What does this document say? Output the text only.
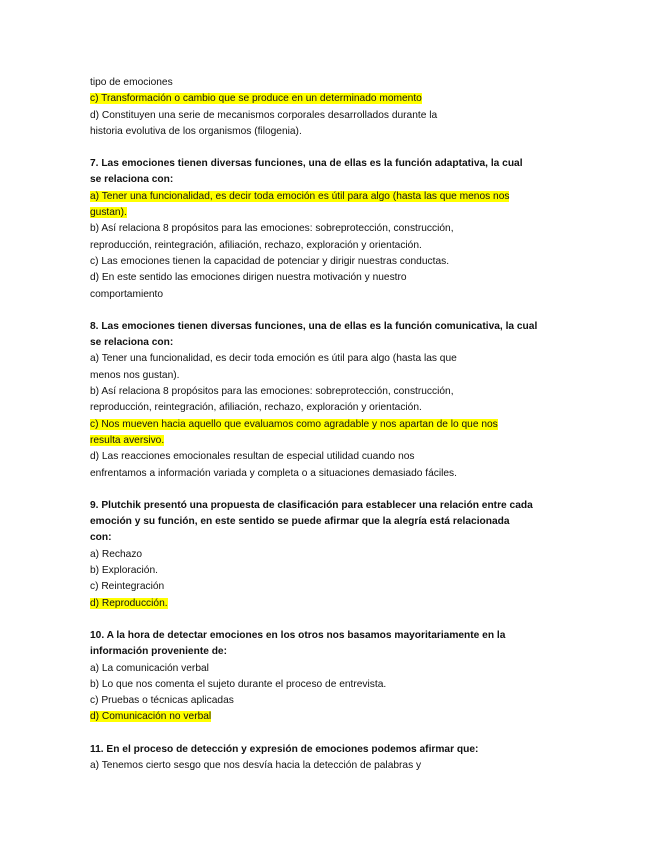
tipo de emociones
c) Transformación o cambio que se produce en un determinado momento
d) Constituyen una serie de mecanismos corporales desarrollados durante la
historia evolutiva de los organismos (filogenia).
7. Las emociones tienen diversas funciones, una de ellas es la función adaptativa, la cual
se relaciona con:
a) Tener una funcionalidad, es decir toda emoción es útil para algo (hasta las que menos nos
gustan).
b) Así relaciona 8 propósitos para las emociones: sobreprotección, construcción,
reproducción, reintegración, afiliación, rechazo, exploración y orientación.
c) Las emociones tienen la capacidad de potenciar y dirigir nuestras conductas.
d) En este sentido las emociones dirigen nuestra motivación y nuestro
comportamiento
8. Las emociones tienen diversas funciones, una de ellas es la función comunicativa, la cual
se relaciona con:
a) Tener una funcionalidad, es decir toda emoción es útil para algo (hasta las que
menos nos gustan).
b) Así relaciona 8 propósitos para las emociones: sobreprotección, construcción,
reproducción, reintegración, afiliación, rechazo, exploración y orientación.
c) Nos mueven hacia aquello que evaluamos como agradable y nos apartan de lo que nos
resulta aversivo.
d) Las reacciones emocionales resultan de especial utilidad cuando nos
enfrentamos a información variada y completa o a situaciones demasiado fáciles.
9. Plutchik presentó una propuesta de clasificación para establecer una relación entre cada
emoción y su función, en este sentido se puede afirmar que la alegría está relacionada
con:
a) Rechazo
b) Exploración.
c) Reintegración
d) Reproducción.
10. A la hora de detectar emociones en los otros nos basamos mayoritariamente en la
información proveniente de:
a) La comunicación verbal
b) Lo que nos comenta el sujeto durante el proceso de entrevista.
c) Pruebas o técnicas aplicadas
d) Comunicación no verbal
11. En el proceso de detección y expresión de emociones podemos afirmar que:
a) Tenemos cierto sesgo que nos desvía hacia la detección de palabras y
